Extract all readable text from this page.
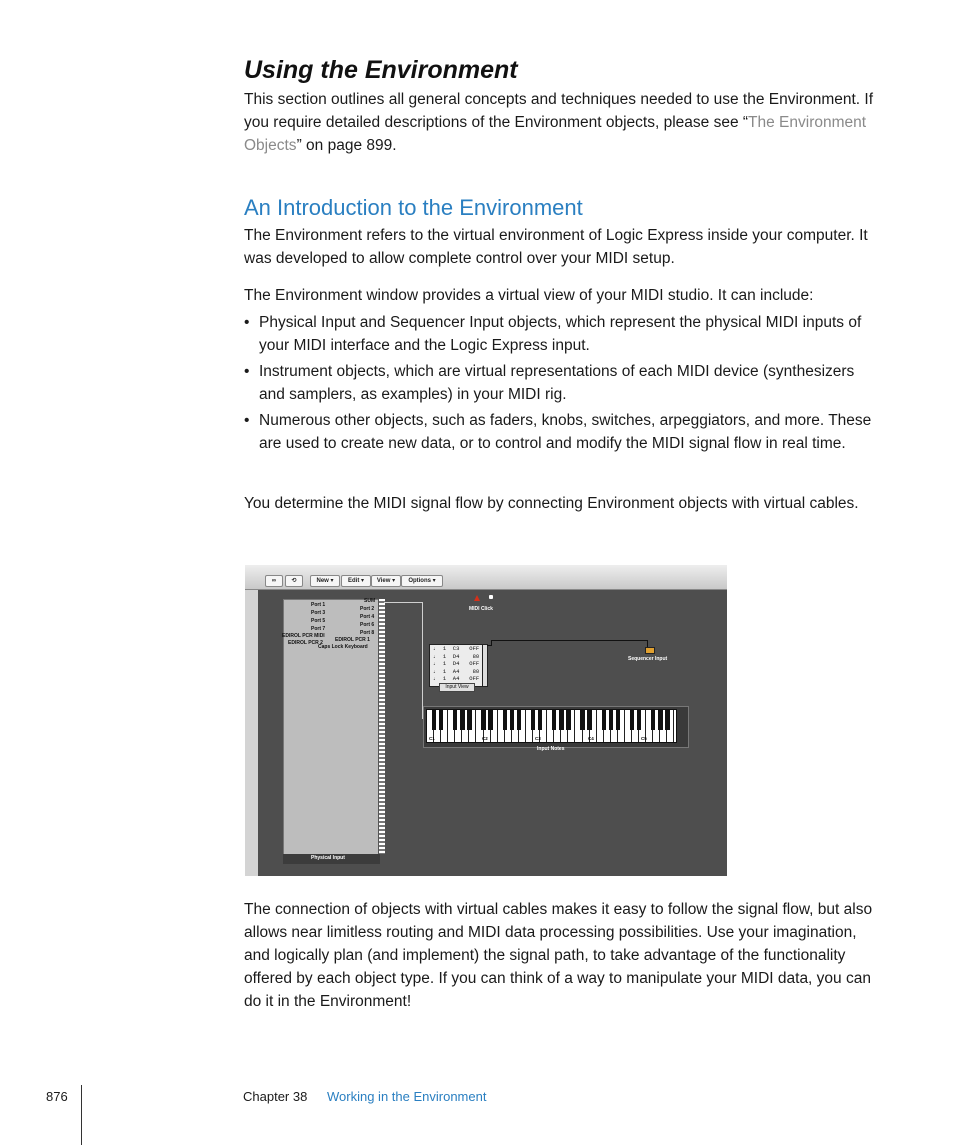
Using the Environment

This section outlines all general concepts and techniques needed to use the Environment. If you require detailed descriptions of the Environment objects, please see “The Environment Objects” on page 899.

An Introduction to the Environment

The Environment refers to the virtual environment of Logic Express inside your computer. It was developed to allow complete control over your MIDI setup.

The Environment window provides a virtual view of your MIDI studio. It can include:

• Physical Input and Sequencer Input objects, which represent the physical MIDI inputs of your MIDI interface and the Logic Express input.
• Instrument objects, which are virtual representations of each MIDI device (synthesizers and samplers, as examples) in your MIDI rig.
• Numerous other objects, such as faders, knobs, switches, arpeggiators, and more. These are used to create new data, or to control and modify the MIDI signal flow in real time.

You determine the MIDI signal flow by connecting Environment objects with virtual cables.

∞	⟲	New ▾	Edit ▾	View ▾	Options ▾
Port 1
Port 3
Port 5
Port 7
EDIROL PCR MIDI
EDIROL PCR 2
SUM
Port 2
Port 4
Port 6
Port 8
EDIROL PCR 1
Caps Lock Keyboard
Physical Input
MIDI Click
♩  1  C3   OFF
♩  1  D4    80
♩  1  D4   OFF
♩  1  A4    80
♩  1  A4   OFF
Input View
Sequencer Input
C1	C2	C3	C4	C5
Input Notes

The connection of objects with virtual cables makes it easy to follow the signal flow, but also allows near limitless routing and MIDI data processing possibilities. Use your imagination, and logically plan (and implement) the signal path, to take advantage of the functionality offered by each object type. If you can think of a way to manipulate your MIDI data, you can do it in the Environment!

876	Chapter 38 Working in the Environment
